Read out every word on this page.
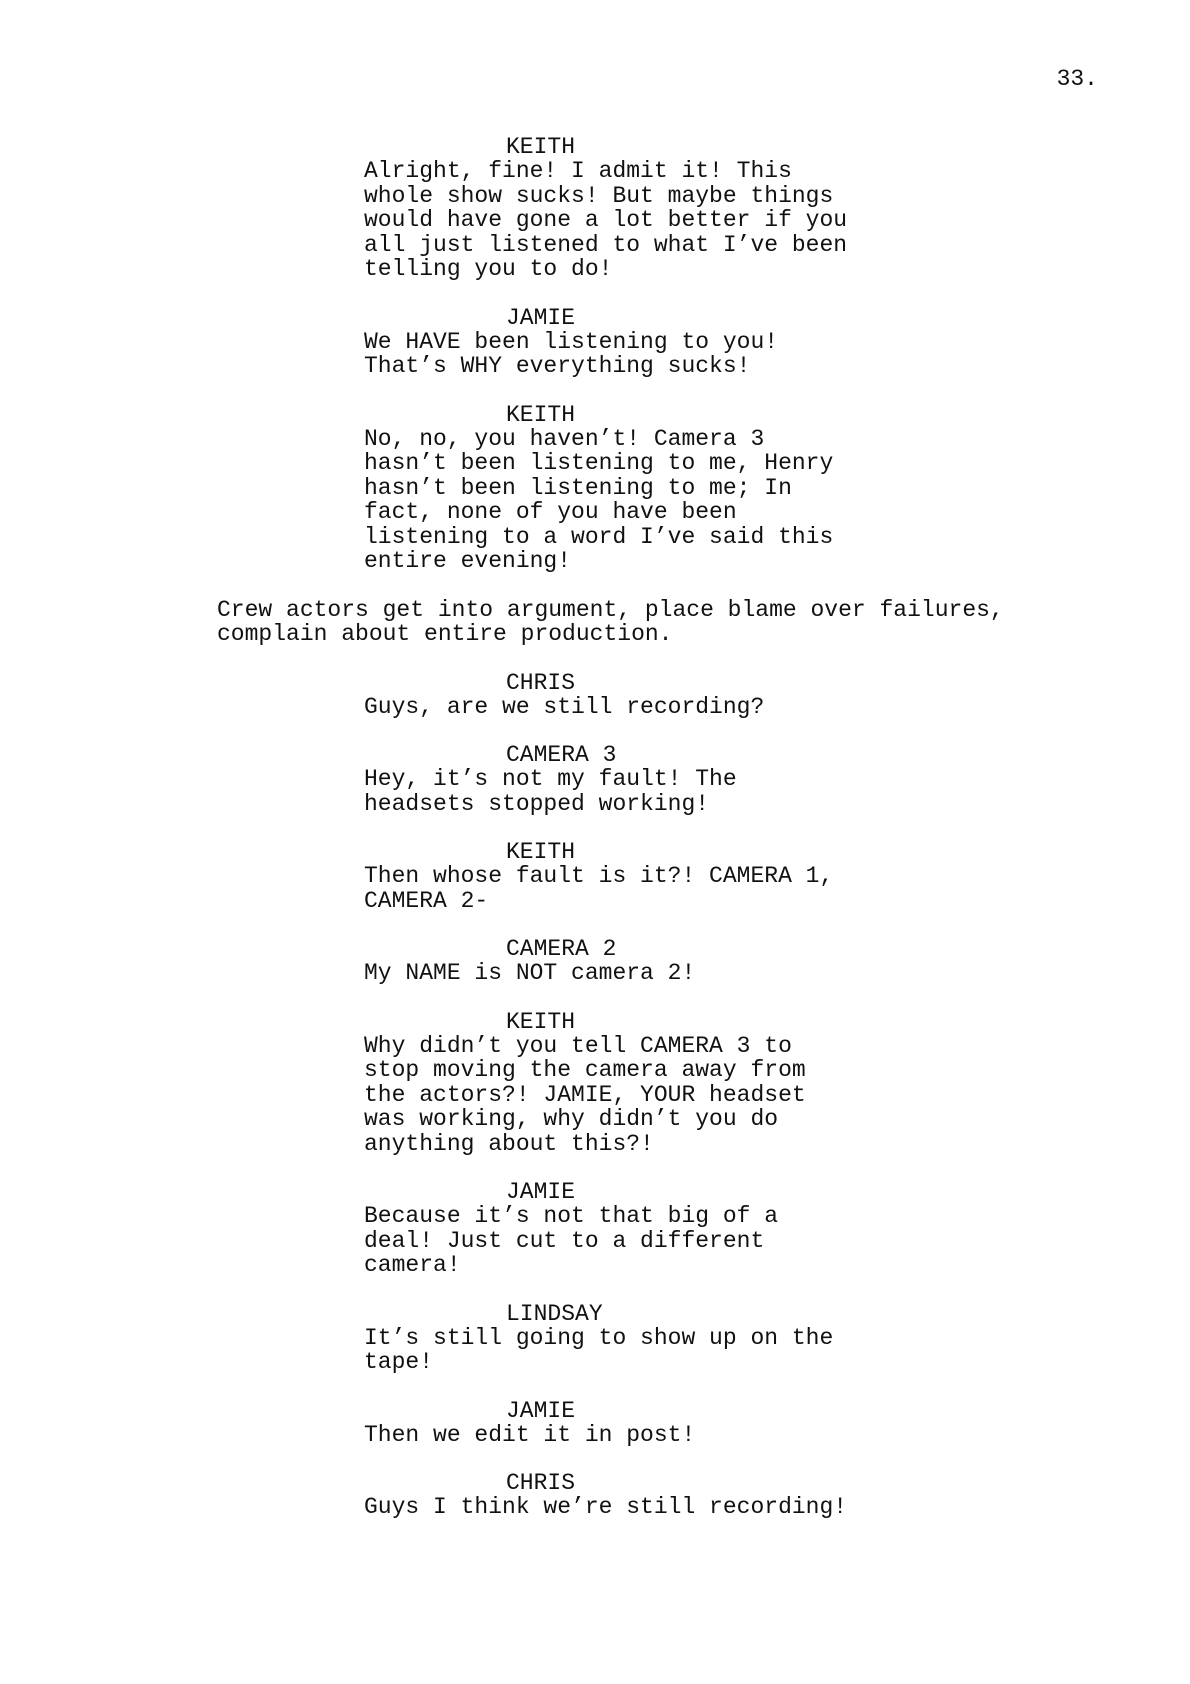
33.
KEITH
Alright, fine! I admit it! This
whole show sucks! But maybe things
would have gone a lot better if you
all just listened to what I’ve been
telling you to do!
JAMIE
We HAVE been listening to you!
That’s WHY everything sucks!
KEITH
No, no, you haven’t! Camera 3
hasn’t been listening to me, Henry
hasn’t been listening to me; In
fact, none of you have been
listening to a word I’ve said this
entire evening!
Crew actors get into argument, place blame over failures,
complain about entire production.
CHRIS
Guys, are we still recording?
CAMERA 3
Hey, it’s not my fault! The
headsets stopped working!
KEITH
Then whose fault is it?! CAMERA 1,
CAMERA 2-
CAMERA 2
My NAME is NOT camera 2!
KEITH
Why didn’t you tell CAMERA 3 to
stop moving the camera away from
the actors?! JAMIE, YOUR headset
was working, why didn’t you do
anything about this?!
JAMIE
Because it’s not that big of a
deal! Just cut to a different
camera!
LINDSAY
It’s still going to show up on the
tape!
JAMIE
Then we edit it in post!
CHRIS
Guys I think we’re still recording!
